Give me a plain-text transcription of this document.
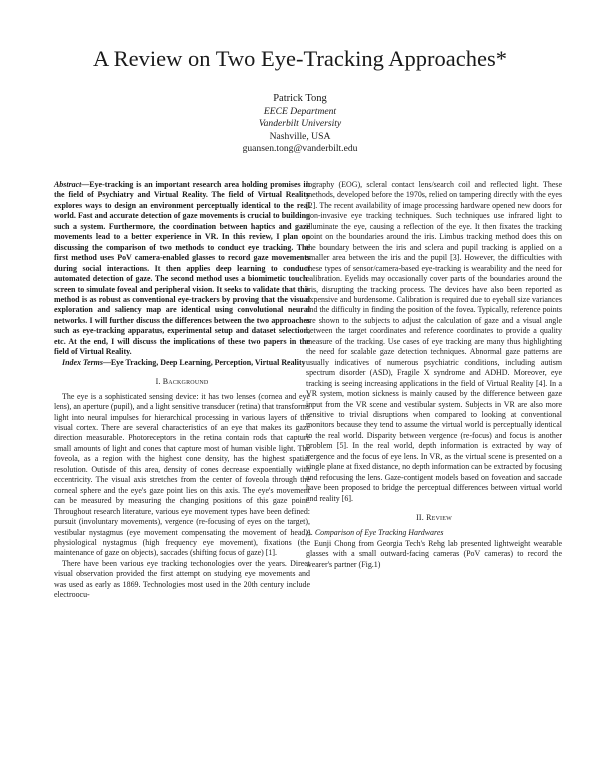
A Review on Two Eye-Tracking Approaches*
Patrick Tong
EECE Department
Vanderbilt University
Nashville, USA
guansen.tong@vanderbilt.edu

Abstract—Eye-tracking is an important research area holding promises in the field of Psychiatry and Virtual Reality. The field of Virtual Reality explores ways to design an environment perceptually identical to the real world. Fast and accurate detection of gaze movements is crucial to building such a system. Furthermore, the coordination between haptics and gaze movements lead to a better experience in VR. In this review, I plan on discussing the comparison of two methods to conduct eye tracking. The first method uses PoV camera-enabled glasses to record gaze movements during social interactions. It then applies deep learning to conduct automated detection of gaze. The second method uses a biomimetic touch-screen to simulate foveal and peripheral vision. It seeks to validate that this method is as robust as conventional eye-trackers by proving that the visual exploration and saliency map are identical using convolutional neural networks. I will further discuss the differences between the two approaches such as eye-tracking apparatus, experimental setup and dataset selection, etc. At the end, I will discuss the implications of these two papers in the field of Virtual Reality.

Index Terms—Eye Tracking, Deep Learning, Perception, Virtual Reality

I. Background

The eye is a sophisticated sensing device: it has two lenses (cornea and eye lens), an aperture (pupil), and a light sensitive transducer (retina) that transforms light into neural impulses for hierarchical processing in various layers of the visual cortex. There are several characteristics of an eye that makes its gaze direction measurable. Photoreceptors in the retina contain rods that capture small amounts of light and cones that capture most of human visible light. The foveola, as a region with the highest cone density, has the highest spatial resolution. Outisde of this area, density of cones decrease expoentially with eccentricity. The visual axis stretches from the center of foveola through the corneal sphere and the eye's gaze point lies on this axis. The eye's movement can be measured by measuring the changing positions of this gaze point. Throughout research literature, various eye movement types have been defined: pursuit (involuntary movements), vergence (re-focusing of eyes on the target), vestibular nystagmus (eye movement compensating the movement of head), physiological nystagmus (high frequency eye movement), fixations (the maintenance of gaze on objects), saccades (shifting focus of gaze) [1].

There have been various eye tracking techonologies over the years. Direct visual observation provided the first attempt on studying eye movements and was used as early as 1869. Technologies most used in the 20th century include electroocu-

lography (EOG), scleral contact lens/search coil and reflected light. These methods, developed before the 1970s, relied on tampering directly with the eyes [2]. The recent availability of image processing hardware opened new doors for non-invasive eye tracking techniques. Such techniques use infrared light to illuminate the eye, causing a reflection of the eye. It then fixates the tracking point on the boundaries around the iris. Limbus tracking method does this on the boundary between the iris and sclera and pupil tracking is applied on a smaller area between the iris and the pupil [3]. However, the difficulties with these types of sensor/camera-based eye-tracking is wearability and the need for calibration. Eyelids may occasionally cover parts of the boundaries around the iris, disrupting the tracking process. The devices have also been reported as expensive and burdensome. Calibration is required due to eyeball size variances and the difficulty in finding the position of the fovea. Typically, reference points are shown to the subjects to adjust the calculation of gaze and a visual angle between the target coordinates and reference coordinates to provide a quality measure of the tracking. Use cases of eye tracking are many thus highlighting the need for scalable gaze detection techniques. Abnormal gaze patterns are usually indicatives of numerous psychiatric conditions, including autism spectrum disorder (ASD), Fragile X syndrome and ADHD. Moreover, eye tracking is seeing increasing applications in the field of Virtual Reality [4]. In a VR system, motion sickness is mainly caused by the difference between gaze input from the VR scene and vestibular system. Subjects in VR are also more sensitive to trivial disruptions when compared to looking at conventional monitors because they tend to assume the virtual world is perceptually identical to the real world. Disparity between vergence (re-focus) and focus is another problem [5]. In the real world, depth information is extracted by way of vergence and the focus of eye lens. In VR, as the virtual scene is presented on a single plane at fixed distance, no depth information can be extracted by focusing and refocusing the lens. Gaze-contigent models based on foveation and saccade have been proposed to bridge the perceptual differences between virtual world and reality [6].

II. Review
A. Comparison of Eye Tracking Hardwares

Eunji Chong from Georgia Tech's Rehg lab presented lightweight wearable glasses with a small outward-facing cameras (PoV cameras) to record the wearer's partner (Fig.1)
